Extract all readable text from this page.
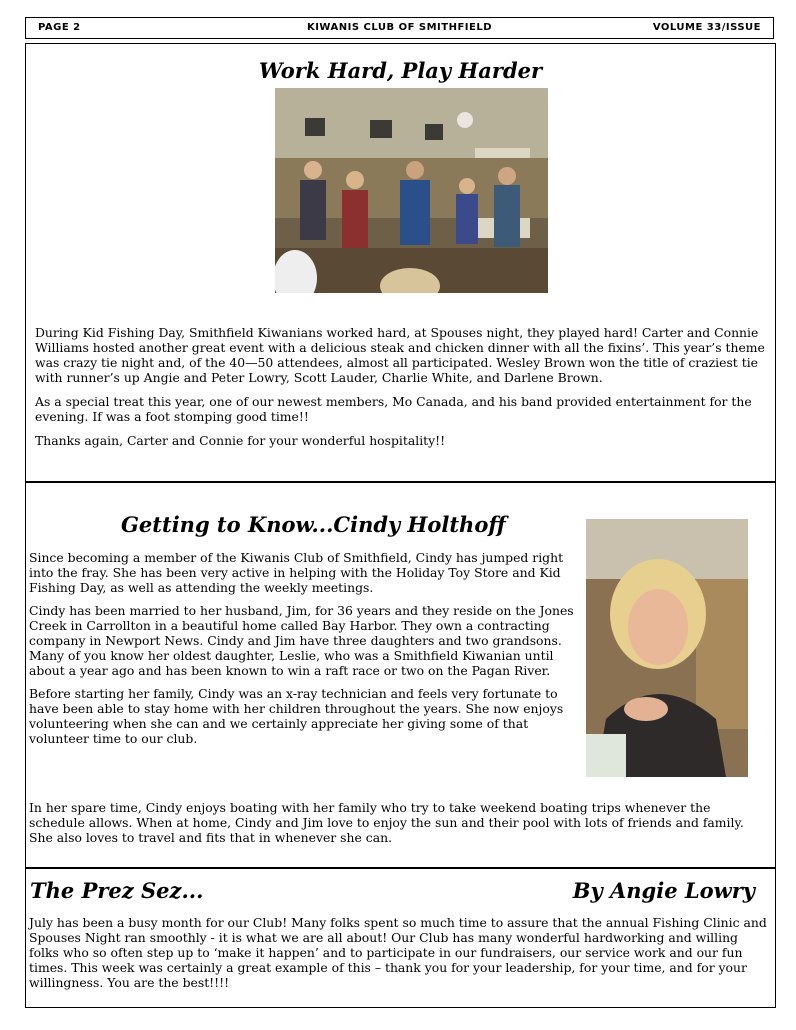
PAGE 2	KIWANIS CLUB OF SMITHFIELD	VOLUME 33/ISSUE
Work Hard, Play Harder

During Kid Fishing Day, Smithfield Kiwanians worked hard, at Spouses night, they played hard! Carter and Connie Williams hosted another great event with a delicious steak and chicken dinner with all the fixins’. This year’s theme was crazy tie night and, of the 40—50 attendees, almost all participated. Wesley Brown won the title of craziest tie with runner’s up Angie and Peter Lowry, Scott Lauder, Charlie White, and Darlene Brown.

As a special treat this year, one of our newest members, Mo Canada, and his band provided entertainment for the evening. If was a foot stomping good time!!

Thanks again, Carter and Connie for your wonderful hospitality!!

Getting to Know...Cindy Holthoff

Since becoming a member of the Kiwanis Club of Smithfield, Cindy has jumped right into the fray. She has been very active in helping with the Holiday Toy Store and Kid Fishing Day, as well as attending the weekly meetings.

Cindy has been married to her husband, Jim, for 36 years and they reside on the Jones Creek in Carrollton in a beautiful home called Bay Harbor. They own a contracting company in Newport News. Cindy and Jim have three daughters and two grandsons. Many of you know her oldest daughter, Leslie, who was a Smithfield Kiwanian until about a year ago and has been known to win a raft race or two on the Pagan River.

Before starting her family, Cindy was an x-ray technician and feels very fortunate to have been able to stay home with her children throughout the years. She now enjoys volunteering when she can and we certainly appreciate her giving some of that volunteer time to our club.

In her spare time, Cindy enjoys boating with her family who try to take weekend boating trips whenever the schedule allows. When at home, Cindy and Jim love to enjoy the sun and their pool with lots of friends and family. She also loves to travel and fits that in whenever she can.

The Prez Sez...	By Angie Lowry

July has been a busy month for our Club! Many folks spent so much time to assure that the annual Fishing Clinic and Spouses Night ran smoothly - it is what we are all about! Our Club has many wonderful hardworking and willing folks who so often step up to ‘make it happen’ and to participate in our fundraisers, our service work and our fun times. This week was certainly a great example of this – thank you for your leadership, for your time, and for your willingness. You are the best!!!!
